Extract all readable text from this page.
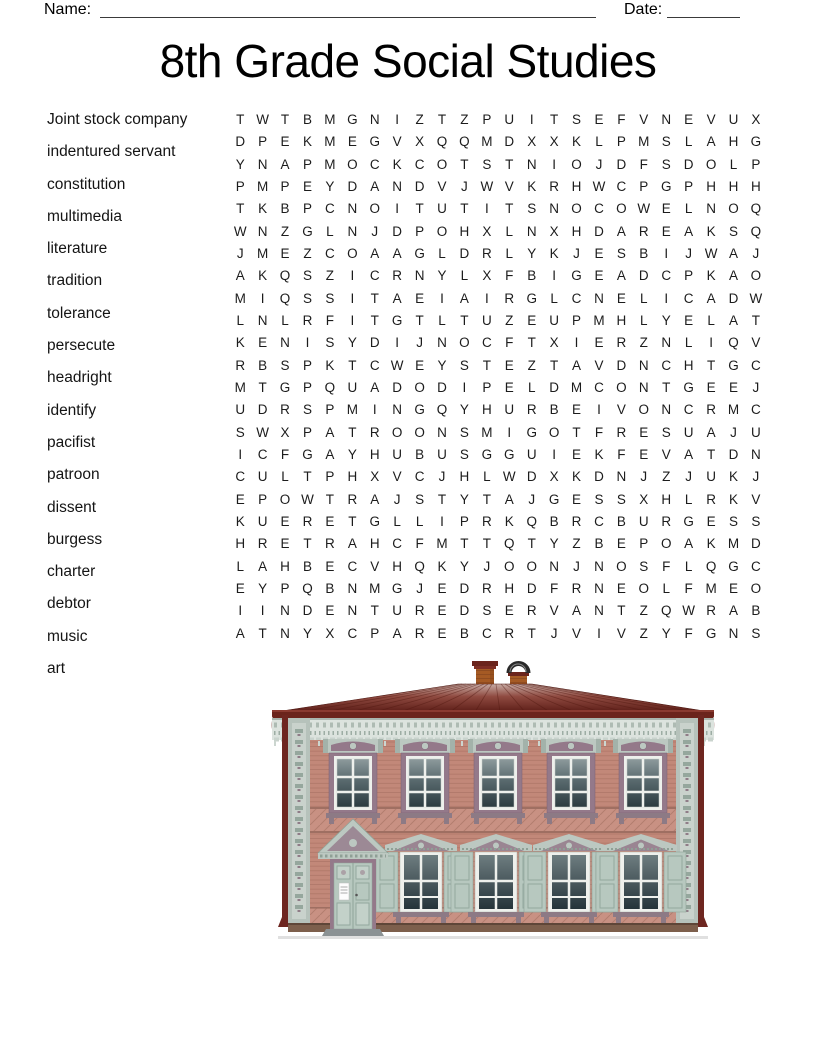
Name:	Date:
8th Grade Social Studies
Joint stock company
indentured servant
constitution
multimedia
literature
tradition
tolerance
persecute
headright
identify
pacifist
patroon
dissent
burgess
charter
debtor
music
art
T W T	B M G N	I	Z	T	Z	P U	I	T	S E	F	V N E V U X
D P E K M E G V X Q Q M D X X K	L	P M S	L	A H G
Y N A P M O C K C O T	S	T N	I	O	J	D F	S D O L	P
P M P E Y D A N D V	J W V K R H W C P G P H H H
T	K B P C N O	I	T U T	I	T	S N O C O W E	L	N O Q
W N Z G L	N	J	D P O H X	L	N X H D A R E A K S Q
J M E	Z C O A A G L	D R	L	Y K	J	E S B	I	J W A	J
A K Q S	Z	I	C R N Y	L	X	F	B	I	G E A D C P K A O
M	I	Q S S	I	T	A E	I	A	I	R G L	C N E	L	I	C A D W
L	N	L	R F	I	T G T	L	T U Z	E U P M H	L	Y E	L	A	T
K E N	I	S Y D	I	J	N O C F	T	X	I	E R Z N	L	I	Q V
R B S P K	T C W E Y S	T	E	Z	T	A V D N C H T G C
M T G P Q U A D O D	I	P E	L	D M C O N T G E E	J
U D R S P M	I	N G Q Y H U R B E	I	V O N C R M C
S W X P A	T R O O N S M	I	G O T	F R E S U A	J	U
I	C F G A Y H U B U S G G U	I	E K	F	E V A	T D N
C U	L	T	P H X V C	J	H	L W D X K D N	J	Z	J	U K	J
E P O W T R A	J	S	T	Y	T	A	J	G E S S X H	L	R K V
K U E R E	T G L	L	I	P R K Q B R C B U R G E S S
H R E	T R A H C F M T	T Q T	Y	Z	B E P O A K M D
L	A H B E C V H Q K Y	J	O O N	J	N O S	F	L Q G C
E Y P Q B N M G	J	E D R H D F R N E O L	F M E O
I	I	N D E N T U R E D S E R V A N T	Z Q W R A B
A	T N Y X C P A R E B C R T	J	V	I	V	Z	Y	F G N S
